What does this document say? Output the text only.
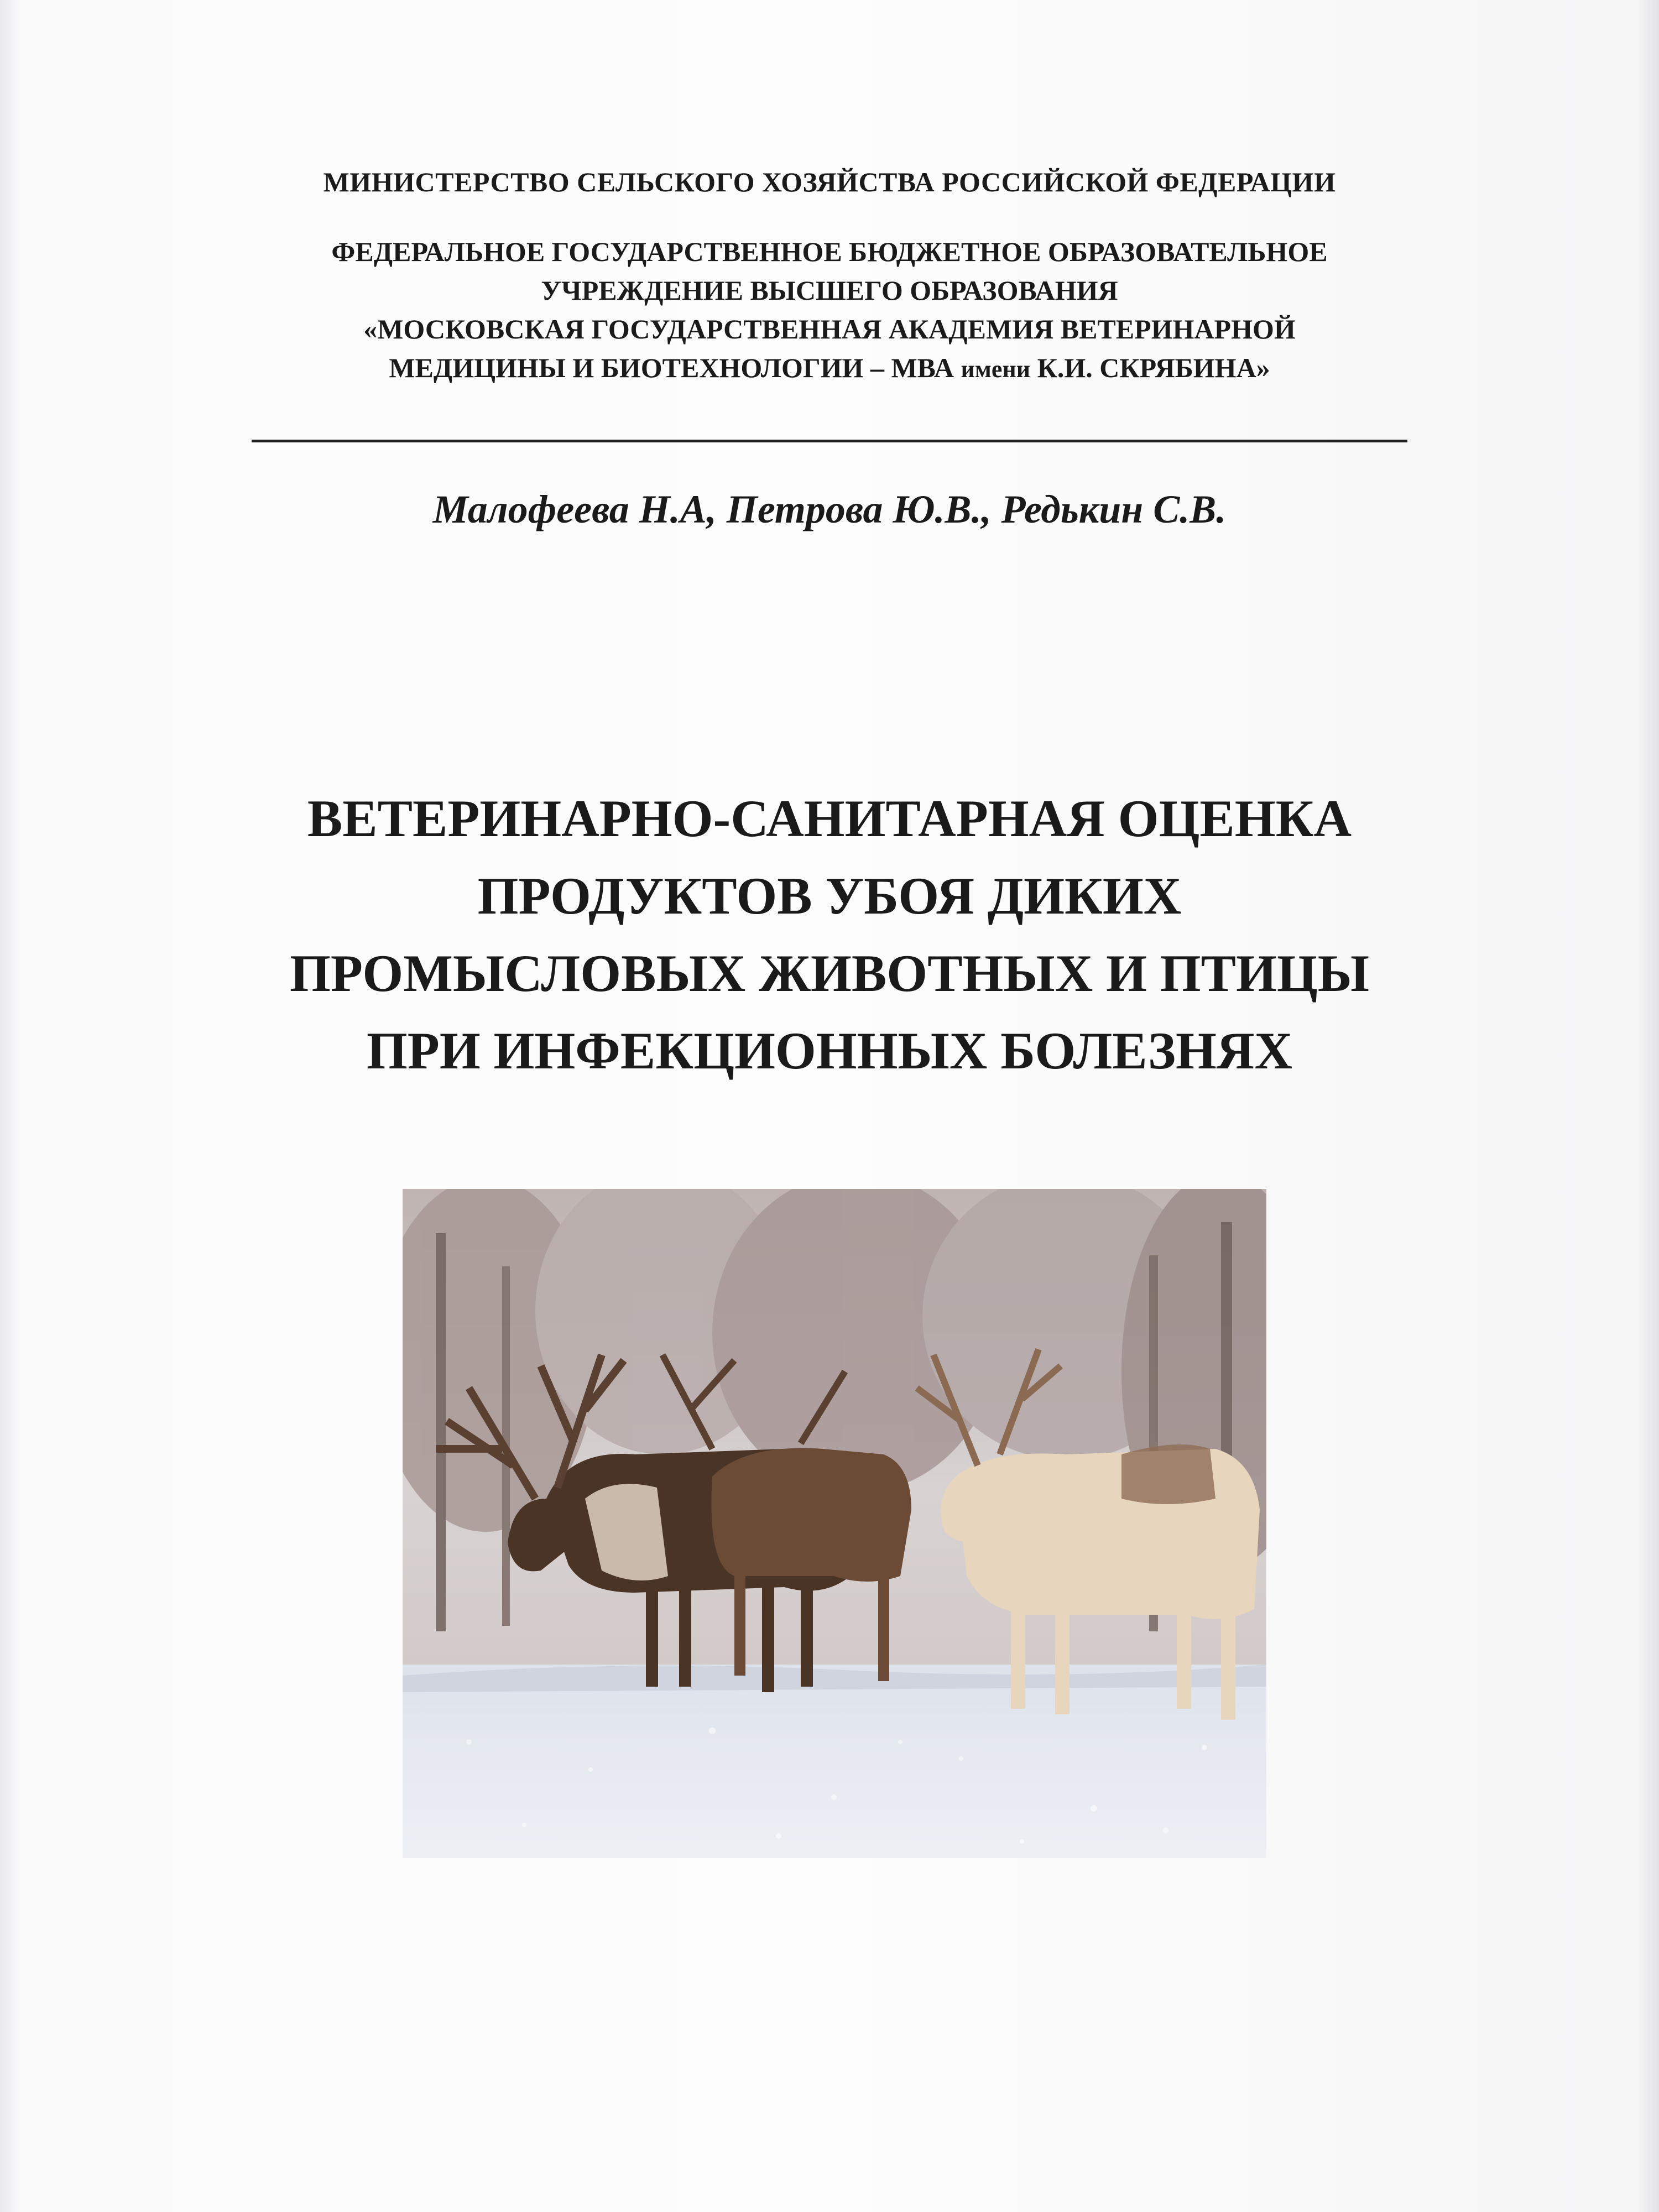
МИНИСТЕРСТВО СЕЛЬСКОГО ХОЗЯЙСТВА РОССИЙСКОЙ ФЕДЕРАЦИИ
ФЕДЕРАЛЬНОЕ ГОСУДАРСТВЕННОЕ БЮДЖЕТНОЕ ОБРАЗОВАТЕЛЬНОЕ
УЧРЕЖДЕНИЕ ВЫСШЕГО ОБРАЗОВАНИЯ
«МОСКОВСКАЯ ГОСУДАРСТВЕННАЯ АКАДЕМИЯ ВЕТЕРИНАРНОЙ
МЕДИЦИНЫ И БИОТЕХНОЛОГИИ – МВА имени К.И. СКРЯБИНА»
Малофеева Н.А, Петрова Ю.В., Редькин С.В.
ВЕТЕРИНАРНО-САНИТАРНАЯ ОЦЕНКА
ПРОДУКТОВ УБОЯ ДИКИХ
ПРОМЫСЛОВЫХ ЖИВОТНЫХ И ПТИЦЫ
ПРИ ИНФЕКЦИОННЫХ БОЛЕЗНЯХ
